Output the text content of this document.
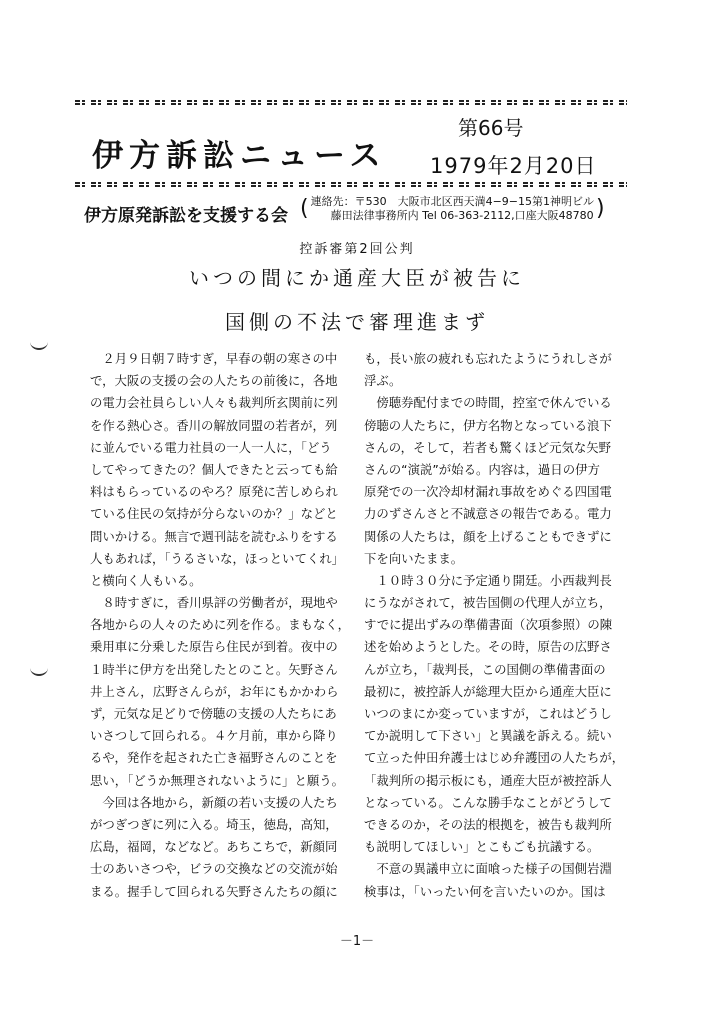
伊方訴訟ニュース
第66号
1979年2月20日
伊方原発訴訟を支援する会 ( 連絡先：〒530　大阪市北区西天満4−9−15第1神明ビル
藤田法律事務所内 Tel 06-363-2112,口座大阪48780 )
控訴審第2回公判
いつの間にか通産大臣が被告に
国側の不法で審理進まず
　２月９日朝７時すぎ，早春の朝の寒さの中
で，大阪の支援の会の人たちの前後に，各地
の電力会社員らしい人々も裁判所玄関前に列
を作る熱心さ。香川の解放同盟の若者が，列
に並んでいる電力社員の一人一人に，「どう
してやってきたの？個人できたと云っても給
料はもらっているのやろ？原発に苦しめられ
ている住民の気持が分らないのか？」などと
問いかける。無言で週刊誌を読むふりをする
人もあれば，「うるさいな，ほっといてくれ」
と横向く人もいる。
　８時すぎに，香川県評の労働者が，現地や
各地からの人々のために列を作る。まもなく，
乗用車に分乗した原告ら住民が到着。夜中の
１時半に伊方を出発したとのこと。矢野さん
井上さん，広野さんらが，お年にもかかわら
ず，元気な足どりで傍聴の支援の人たちにあ
いさつして回られる。４ケ月前，車から降り
るや，発作を起された亡き福野さんのことを
思い，「どうか無理されないように」と願う。
　今回は各地から，新顔の若い支援の人たち
がつぎつぎに列に入る。埼玉，徳島，高知，
広島，福岡，などなど。あちこちで，新顔同
士のあいさつや，ビラの交換などの交流が始
まる。握手して回られる矢野さんたちの顔に
も，長い旅の疲れも忘れたようにうれしさが
浮ぶ。
　傍聴券配付までの時間，控室で休んでいる
傍聴の人たちに，伊方名物となっている浪下
さんの，そして，若者も驚くほど元気な矢野
さんの“演説”が始る。内容は，過日の伊方
原発での一次冷却材漏れ事故をめぐる四国電
力のずさんさと不誠意さの報告である。電力
関係の人たちは，顔を上げることもできずに
下を向いたまま。
　１０時３０分に予定通り開廷。小西裁判長
にうながされて，被告国側の代理人が立ち，
すでに提出ずみの準備書面（次項参照）の陳
述を始めようとした。その時，原告の広野さ
んが立ち，「裁判長，この国側の準備書面の
最初に，被控訴人が総理大臣から通産大臣に
いつのまにか変っていますが，これはどうし
てか説明して下さい」と異議を訴える。続い
て立った仲田弁護士はじめ弁護団の人たちが，
「裁判所の掲示板にも，通産大臣が被控訴人
となっている。こんな勝手なことがどうして
できるのか，その法的根拠を，被告も裁判所
も説明してほしい」とこもごも抗議する。
　不意の異議申立に面喰った様子の国側岩淵
検事は，「いったい何を言いたいのか。国は
－1－
